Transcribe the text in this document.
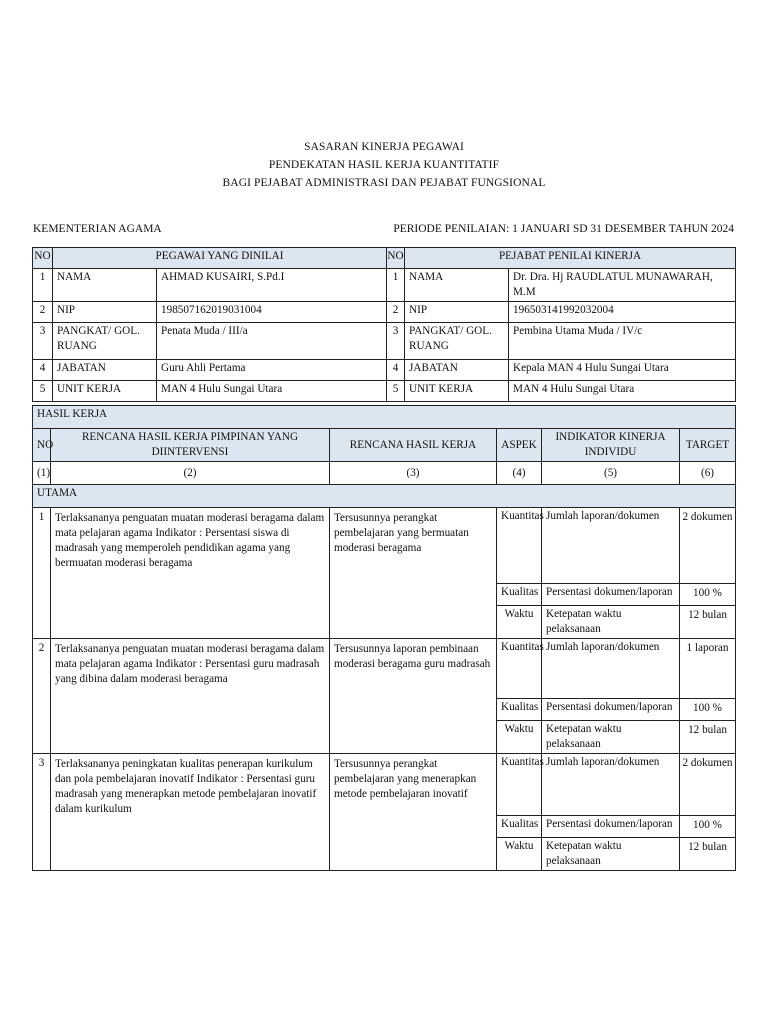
SASARAN KINERJA PEGAWAI
PENDEKATAN HASIL KERJA KUANTITATIF
BAGI PEJABAT ADMINISTRASI DAN PEJABAT FUNGSIONAL
KEMENTERIAN AGAMA	PERIODE PENILAIAN: 1 JANUARI SD 31 DESEMBER TAHUN 2024
NO	PEGAWAI YANG DINILAI		NO	PEJABAT PENILAI KINERJA	
1	NAMA	AHMAD KUSAIRI, S.Pd.I	1	NAMA	Dr. Dra. Hj RAUDLATUL MUNAWARAH, M.M
2	NIP	198507162019031004	2	NIP	196503141992032004
3	PANGKAT/ GOL. RUANG	Penata Muda / III/a	3	PANGKAT/ GOL. RUANG	Pembina Utama Muda / IV/c
4	JABATAN	Guru Ahli Pertama	4	JABATAN	Kepala MAN 4 Hulu Sungai Utara
5	UNIT KERJA	MAN 4 Hulu Sungai Utara	5	UNIT KERJA	MAN 4 Hulu Sungai Utara
HASIL KERJA					
NO	RENCANA HASIL KERJA PIMPINAN YANG DIINTERVENSI	RENCANA HASIL KERJA	ASPEK	INDIKATOR KINERJA INDIVIDU	TARGET
(1)	(2)	(3)	(4)	(5)	(6)
UTAMA					
1	Terlaksananya penguatan muatan moderasi beragama dalam mata pelajaran agama Indikator : Persentasi siswa di madrasah yang memperoleh pendidikan agama yang bermuatan moderasi beragama	Tersusunnya perangkat pembelajaran yang bermuatan moderasi beragama	Kuantitas	Jumlah laporan/dokumen	2 dokumen
			Kualitas	Persentasi dokumen/laporan	100 %
			Waktu	Ketepatan waktu pelaksanaan	12 bulan
2	Terlaksananya penguatan muatan moderasi beragama dalam mata pelajaran agama Indikator : Persentasi guru madrasah yang dibina dalam moderasi beragama	Tersusunnya laporan pembinaan moderasi beragama guru madrasah	Kuantitas	Jumlah laporan/dokumen	1 laporan
			Kualitas	Persentasi dokumen/laporan	100 %
			Waktu	Ketepatan waktu pelaksanaan	12 bulan
3	Terlaksananya peningkatan kualitas penerapan kurikulum dan pola pembelajaran inovatif Indikator : Persentasi guru madrasah yang menerapkan metode pembelajaran inovatif dalam kurikulum	Tersusunnya perangkat pembelajaran yang menerapkan metode pembelajaran inovatif	Kuantitas	Jumlah laporan/dokumen	2 dokumen
			Kualitas	Persentasi dokumen/laporan	100 %
			Waktu	Ketepatan waktu pelaksanaan	12 bulan
